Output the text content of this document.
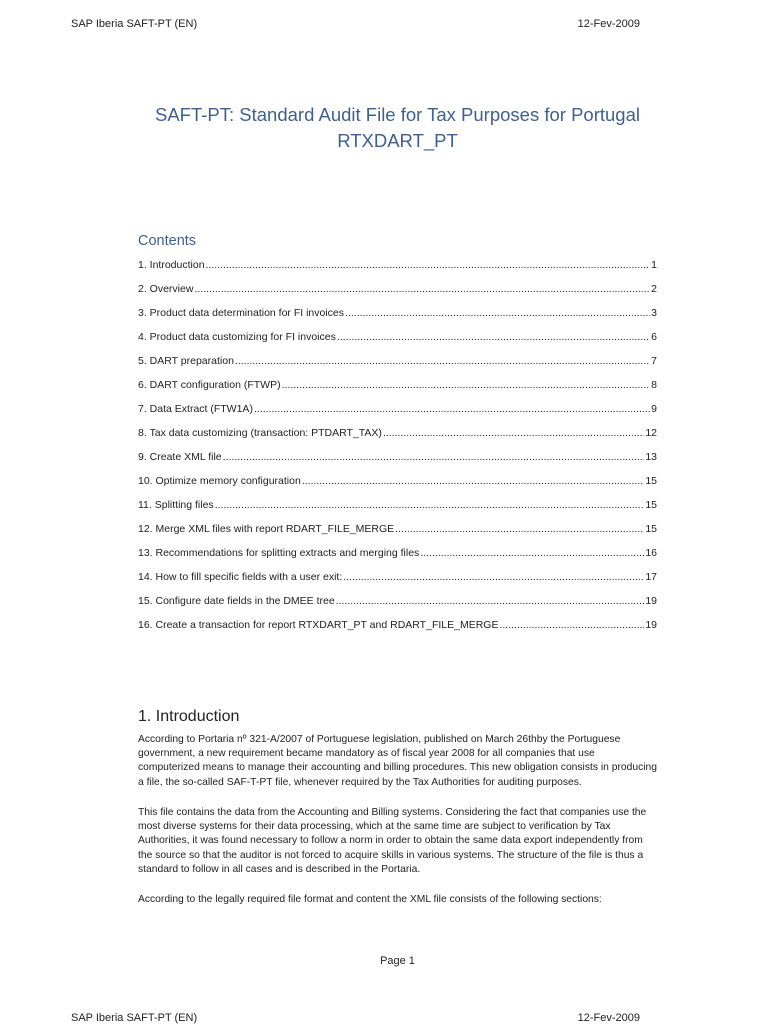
SAP Iberia SAFT-PT (EN)	12-Fev-2009
SAFT-PT: Standard Audit File for Tax Purposes for Portugal
RTXDART_PT
Contents
1. Introduction .....	1
2. Overview .....	2
3. Product data determination for FI invoices .....	3
4. Product data customizing for FI invoices .....	6
5. DART preparation .....	7
6. DART configuration (FTWP) .....	8
7. Data Extract (FTW1A) .....	9
8. Tax data customizing (transaction: PTDART_TAX) .....	12
9. Create XML file .....	13
10. Optimize memory configuration .....	15
11. Splitting files .....	15
12. Merge XML files with report RDART_FILE_MERGE .....	15
13. Recommendations for splitting extracts and merging files .....	16
14. How to fill specific fields with a user exit: .....	17
15. Configure date fields in the DMEE tree .....	19
16. Create a transaction for report RTXDART_PT and RDART_FILE_MERGE .....	19
1. Introduction

According to Portaria nº 321-A/2007 of Portuguese legislation, published on March 26thby the Portuguese government, a new requirement became mandatory as of fiscal year 2008 for all companies that use computerized means to manage their accounting and billing procedures. This new obligation consists in producing a file, the so-called SAF-T-PT file, whenever required by the Tax Authorities for auditing purposes.

This file contains the data from the Accounting and Billing systems. Considering the fact that companies use the most diverse systems for their data processing, which at the same time are subject to verification by Tax Authorities, it was found necessary to follow a norm in order to obtain the same data export independently from the source so that the auditor is not forced to acquire skills in various systems. The structure of the file is thus a standard to follow in all cases and is described in the Portaria.

According to the legally required file format and content the XML file consists of the following sections:

Page 1
SAP Iberia SAFT-PT (EN)	12-Fev-2009
